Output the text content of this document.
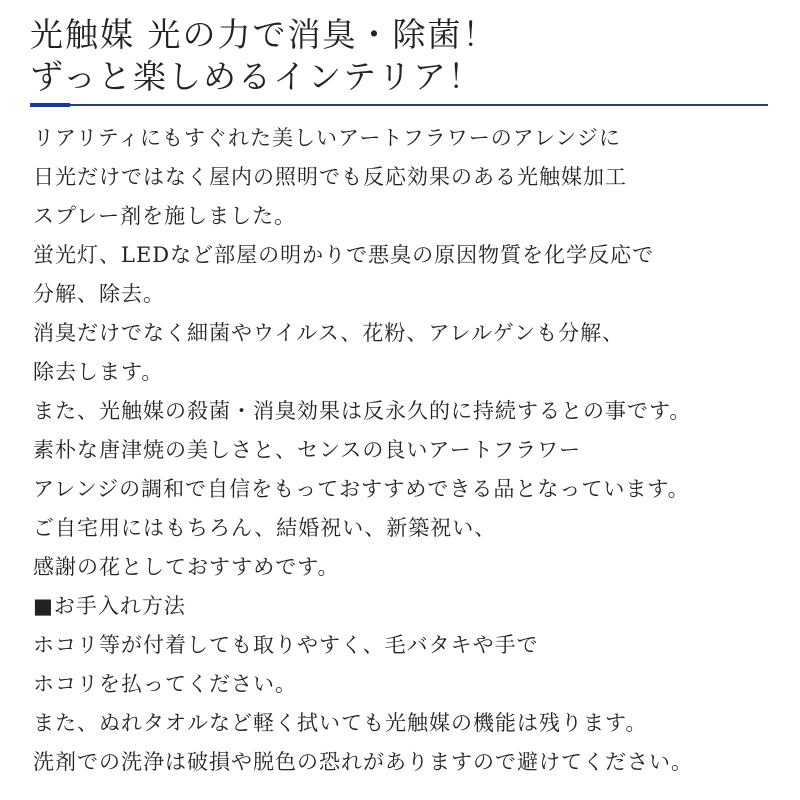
光触媒 光の力で消臭・除菌！
ずっと楽しめるインテリア！
リアリティにもすぐれた美しいアートフラワーのアレンジに
日光だけではなく屋内の照明でも反応効果のある光触媒加工
スプレー剤を施しました。
蛍光灯、LEDなど部屋の明かりで悪臭の原因物質を化学反応で
分解、除去。
消臭だけでなく細菌やウイルス、花粉、アレルゲンも分解、
除去します。
また、光触媒の殺菌・消臭効果は反永久的に持続するとの事です。
素朴な唐津焼の美しさと、センスの良いアートフラワー
アレンジの調和で自信をもっておすすめできる品となっています。
ご自宅用にはもちろん、結婚祝い、新築祝い、
感謝の花としておすすめです。
■お手入れ方法
ホコリ等が付着しても取りやすく、毛バタキや手で
ホコリを払ってください。
また、ぬれタオルなど軽く拭いても光触媒の機能は残ります。
洗剤での洗浄は破損や脱色の恐れがありますので避けてください。
